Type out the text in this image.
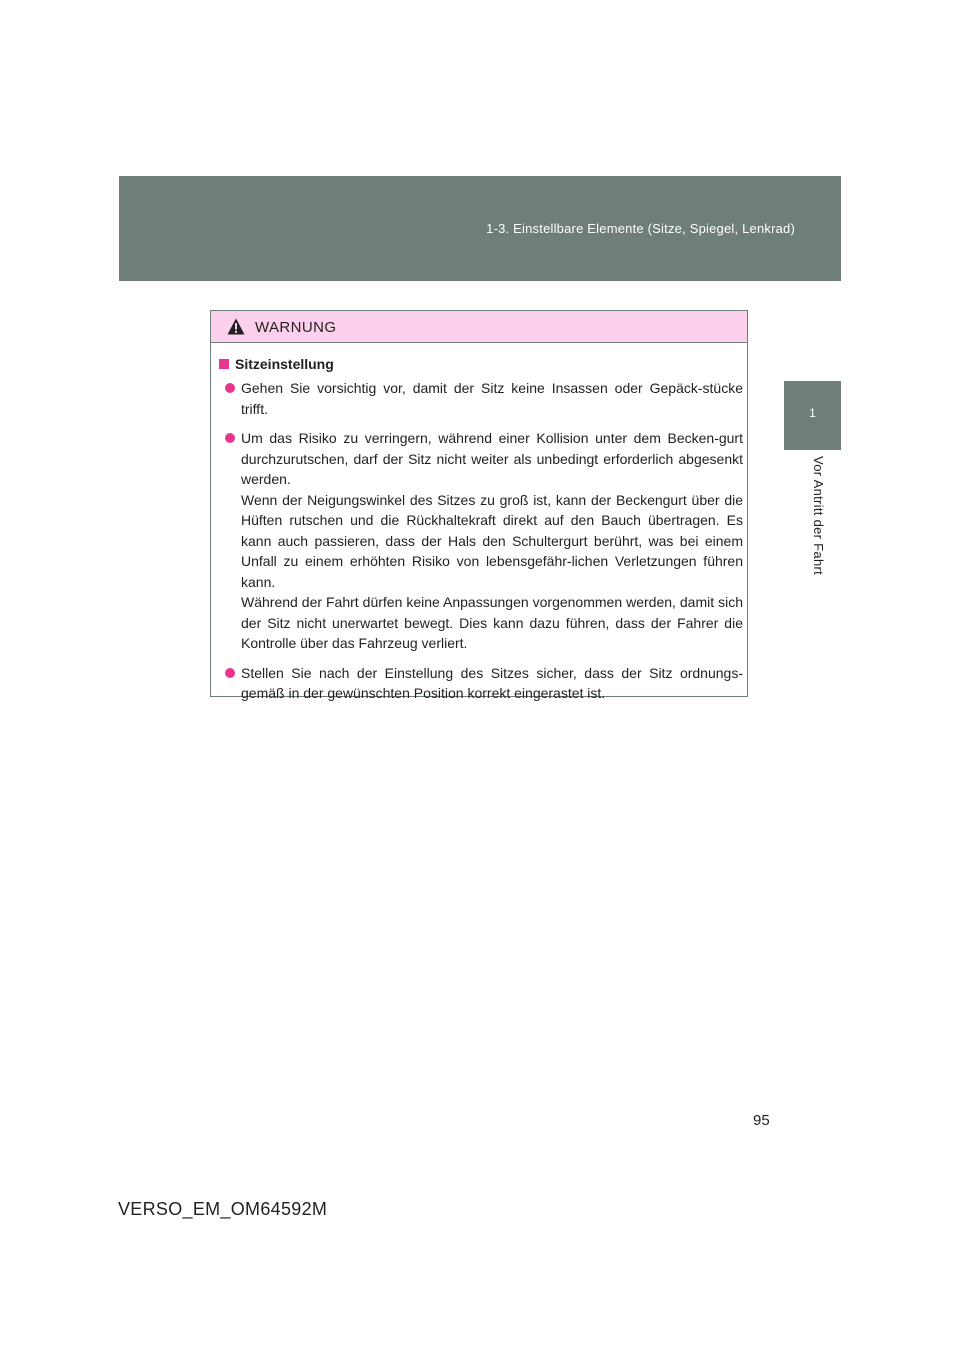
1-3. Einstellbare Elemente (Sitze, Spiegel, Lenkrad)
1
Vor Antritt der Fahrt
WARNUNG
Sitzeinstellung

Gehen Sie vorsichtig vor, damit der Sitz keine Insassen oder Gepäck-stücke trifft.

Um das Risiko zu verringern, während einer Kollision unter dem Becken-gurt durchzurutschen, darf der Sitz nicht weiter als unbedingt erforderlich abgesenkt werden.

Wenn der Neigungswinkel des Sitzes zu groß ist, kann der Beckengurt über die Hüften rutschen und die Rückhaltekraft direkt auf den Bauch übertragen. Es kann auch passieren, dass der Hals den Schultergurt berührt, was bei einem Unfall zu einem erhöhten Risiko von lebensgefähr-lichen Verletzungen führen kann.

Während der Fahrt dürfen keine Anpassungen vorgenommen werden, damit sich der Sitz nicht unerwartet bewegt. Dies kann dazu führen, dass der Fahrer die Kontrolle über das Fahrzeug verliert.

Stellen Sie nach der Einstellung des Sitzes sicher, dass der Sitz ordnungs-gemäß in der gewünschten Position korrekt eingerastet ist.

95
VERSO_EM_OM64592M
